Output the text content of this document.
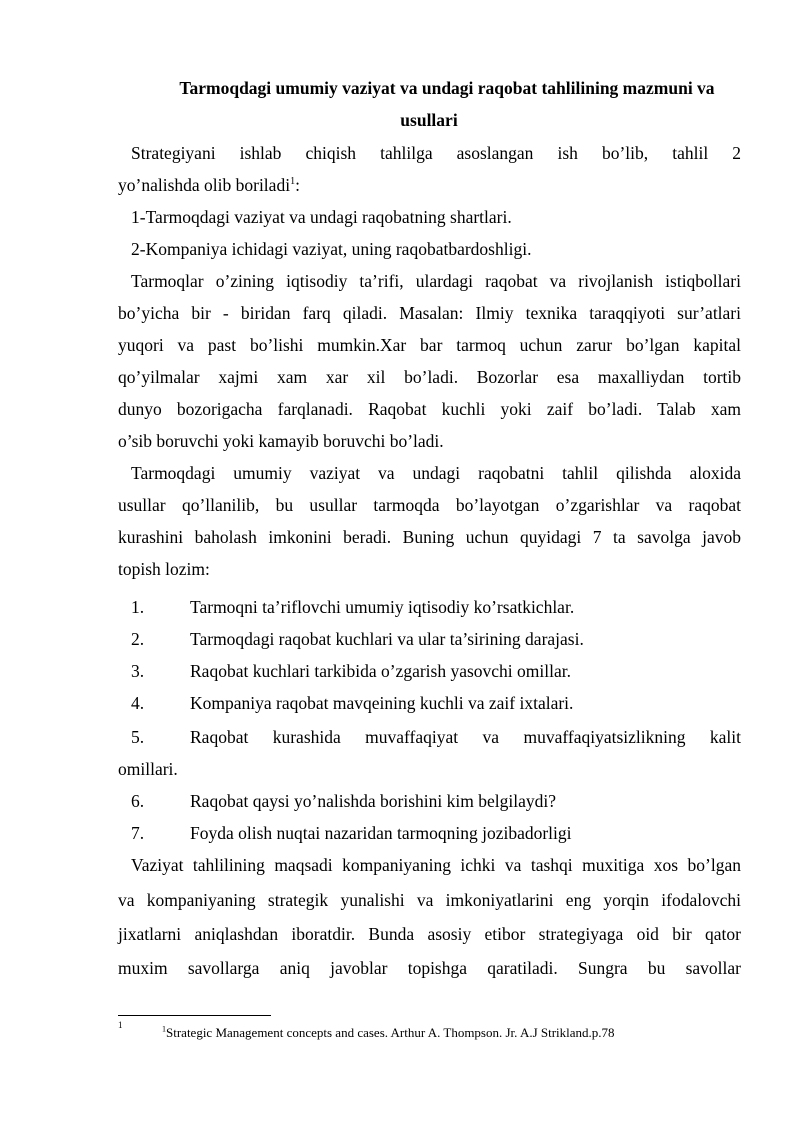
Tarmoqdagi umumiy vaziyat va undagi raqobat tahlilining mazmuni va
usullari
Strategiyani ishlab chiqish tahlilga asoslangan ish bo’lib, tahlil 2
yo’nalishda olib boriladi$^1$:
1-Tarmoqdagi vaziyat va undagi raqobatning shartlari.
2-Kompaniya ichidagi vaziyat, uning raqobatbardoshligi.
Tarmoqlar o’zining iqtisodiy ta’rifi, ulardagi raqobat va rivojlanish istiqbollari
bo’yicha bir - biridan farq qiladi. Masalan: Ilmiy texnika taraqqiyoti sur’atlari
yuqori va past bo’lishi mumkin.Xar bar tarmoq uchun zarur bo’lgan kapital
qo’yilmalar xajmi xam xar xil bo’ladi. Bozorlar esa maxalliydan tortib
dunyo bozorigacha farqlanadi. Raqobat kuchli yoki zaif bo’ladi. Talab xam
o’sib boruvchi yoki kamayib boruvchi bo’ladi.
Tarmoqdagi umumiy vaziyat va undagi raqobatni tahlil qilishda aloxida
usullar qo’llanilib, bu usullar tarmoqda bo’layotgan o’zgarishlar va raqobat
kurashini baholash imkonini beradi. Buning uchun quyidagi 7 ta savolga javob
topish lozim:
1.	Tarmoqni ta’riflovchi umumiy iqtisodiy ko’rsatkichlar.
2.	Tarmoqdagi raqobat kuchlari va ular ta’sirining darajasi.
3.	Raqobat kuchlari tarkibida o’zgarish yasovchi omillar.
4.	Kompaniya raqobat mavqeining kuchli va zaif ixtalari.
5.	Raqobat kurashida muvaffaqiyat va muvaffaqiyatsizlikning kalit
omillari.
6.	Raqobat qaysi yo’nalishda borishini kim belgilaydi?
7.	Foyda olish nuqtai nazaridan tarmoqning jozibadorligi
Vaziyat tahlilining maqsadi kompaniyaning ichki va tashqi muxitiga xos bo’lgan
va kompaniyaning strategik yunalishi va imkoniyatlarini eng yorqin ifodalovchi
jixatlarni aniqlashdan iboratdir. Bunda asosiy etibor strategiyaga oid bir qator
muxim savollarga aniq javoblar topishga qaratiladi. Sungra bu savollar
1	$^1$Strategic Management concepts and cases. Arthur A. Thompson. Jr. A.J Strikland.p.78
